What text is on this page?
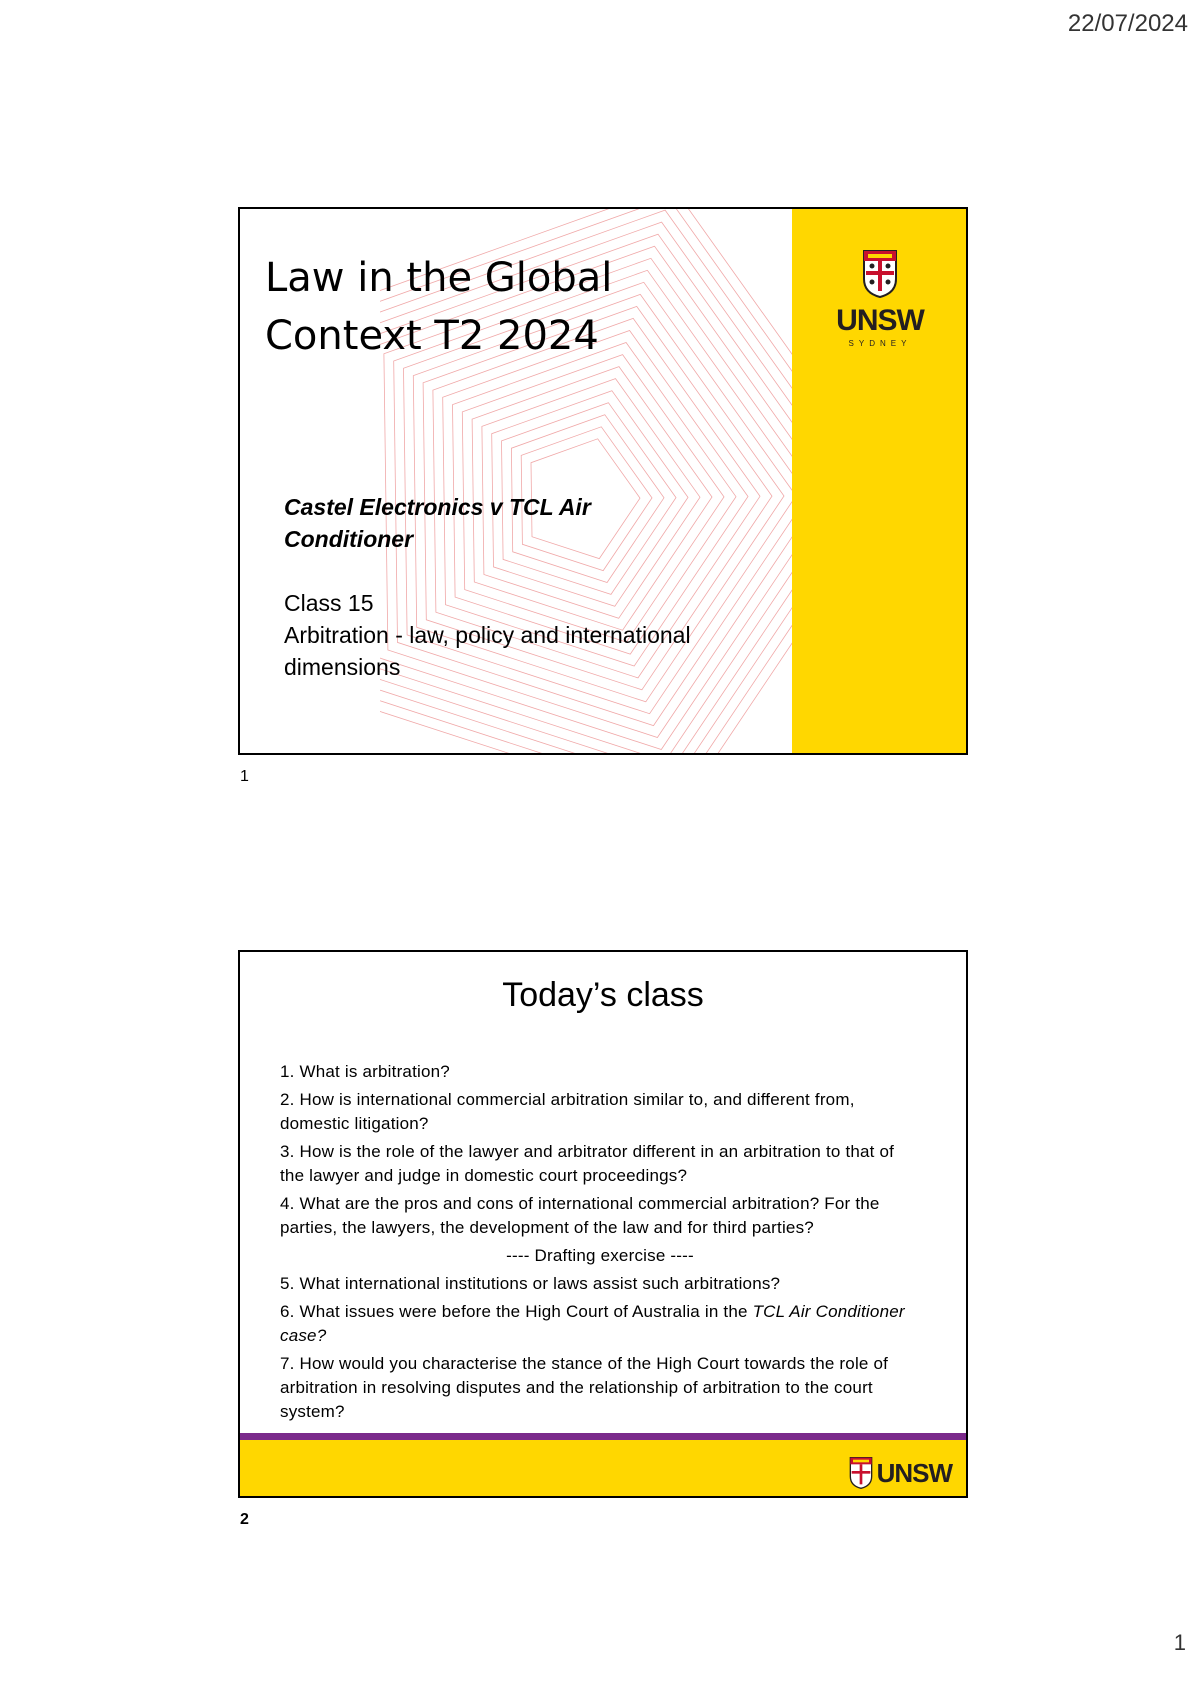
22/07/2024
Law in the Global
Context T2 2024
Castel Electronics v TCL Air
Conditioner
Class 15
Arbitration - law, policy and international
dimensions
UNSW
SYDNEY
1
Today’s class

1. What is arbitration?

2. How is international commercial arbitration similar to, and different from, domestic litigation?

3. How is the role of the lawyer and arbitrator different in an arbitration to that of the lawyer and judge in domestic court proceedings?

4. What are the pros and cons of international commercial arbitration? For the parties, the lawyers, the development of the law and for third parties?

---- Drafting exercise ----

5. What international institutions or laws assist such arbitrations?

6. What issues were before the High Court of Australia in the TCL Air Conditioner case?

7. How would you characterise the stance of the High Court towards the role of arbitration in resolving disputes and the relationship of arbitration to the court system?

UNSW
2
1
